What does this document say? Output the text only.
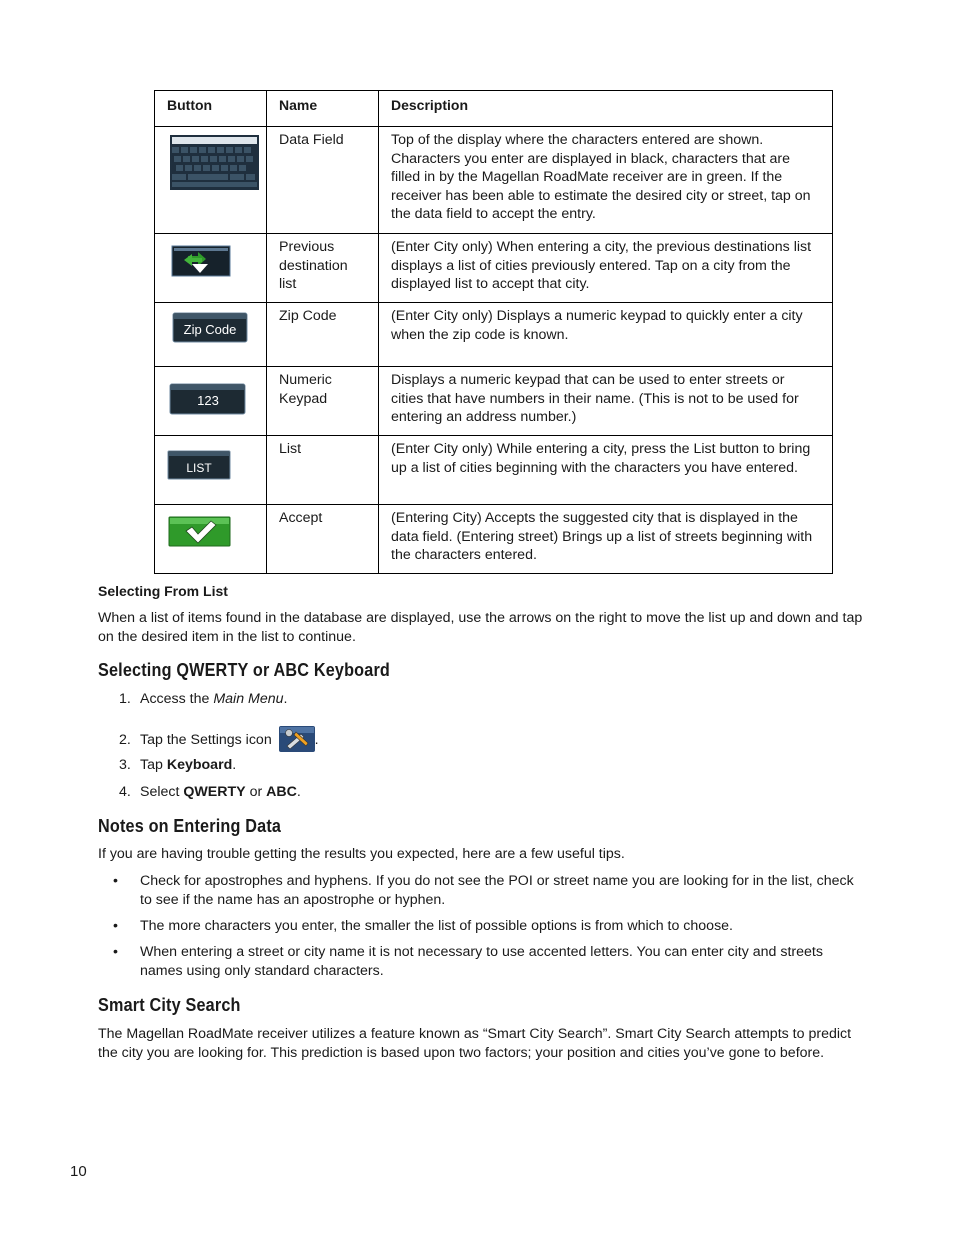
Button	Name	Description

	Data Field	Top of the display where the characters entered are shown. Characters you enter are displayed in black, characters that are filled in by the Magellan RoadMate receiver are in green. If the receiver has been able to estimate the desired city or street, tap on the data field to accept the entry.

	Previous destination list	(Enter City only) When entering a city, the previous destinations list displays a list of cities previously entered. Tap on a city from the displayed list to accept that city.

Zip Code	Zip Code	(Enter City only) Displays a numeric keypad to quickly enter a city when the zip code is known.

123	Numeric Keypad	Displays a numeric keypad that can be used to enter streets or cities that have numbers in their name. (This is not to be used for entering an address number.)

LIST	List	(Enter City only) While entering a city, press the List button to bring up a list of cities beginning with the characters you have entered.

	Accept	(Entering City) Accepts the suggested city that is displayed in the data field. (Entering street) Brings up a list of streets beginning with the characters entered.
Selecting From List
When a list of items found in the database are displayed, use the arrows on the right to move the list up and down and tap on the desired item in the list to continue.
Selecting QWERTY or ABC Keyboard
1. Access the Main Menu.
2. Tap the Settings icon	.
3. Tap Keyboard.
4. Select QWERTY or ABC.
Notes on Entering Data
If you are having trouble getting the results you expected, here are a few useful tips.
• Check for apostrophes and hyphens. If you do not see the POI or street name you are looking for in the list, check to see if the name has an apostrophe or hyphen.
• The more characters you enter, the smaller the list of possible options is from which to choose.
• When entering a street or city name it is not necessary to use accented letters. You can enter city and streets names using only standard characters.
Smart City Search
The Magellan RoadMate receiver utilizes a feature known as “Smart City Search”. Smart City Search attempts to predict the city you are looking for. This prediction is based upon two factors; your position and cities you’ve gone to before.
10
